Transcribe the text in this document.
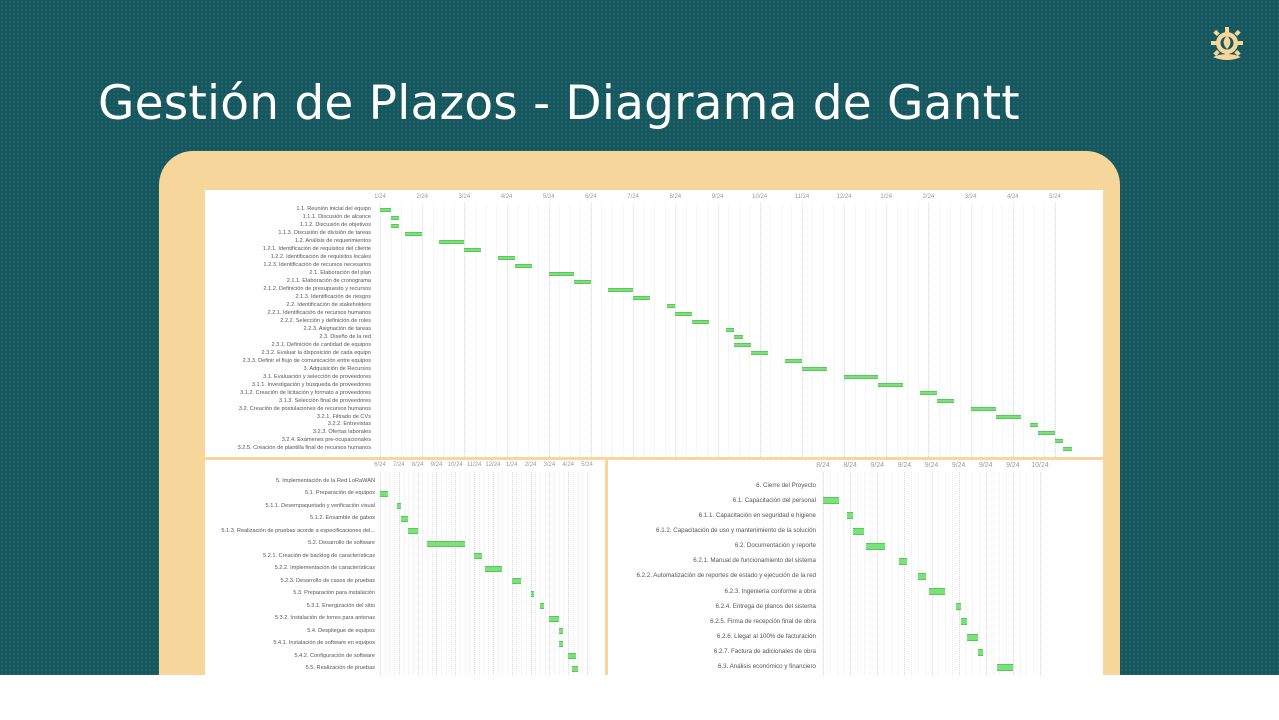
Gestión de Plazos - Diagrama de Gantt
1/24	2/24	3/24	4/24	5/24	6/24	7/24	8/24	9/24	10/24	11/24	12/24	1/24	2/24	3/24	4/24	5/24
1.1. Reunión inicial del equipo
1.1.1. Discusión de alcance
1.1.2. Discusión de objetivos
1.1.3. Discusión de división de tareas
1.2. Análisis de requerimientos
1.2.1. Identificación de requisitos del cliente
1.2.2. Identificación de requisitos locales
1.2.3. Identificación de recursos necesarios
2.1. Elaboración del plan
2.1.1. Elaboración de cronograma
2.1.2. Definición de presupuesto y recursos
2.1.3. Identificación de riesgos
2.2. Identificación de stakeholders
2.2.1. Identificación de recursos humanos
2.2.2. Selección y definición de roles
2.2.3. Asignación de tareas
2.3. Diseño de la red
2.3.1. Definición de cantidad de equipos
2.3.2. Evaluar la disposición de cada equipo
2.3.3. Definir el flujo de comunicación entre equipos
3. Adquisición de Recursos
3.1. Evaluación y selección de proveedores
3.1.1. Investigación y búsqueda de proveedores
3.1.2. Creación de licitación y formato a proveedores
3.1.3. Selección final de proveedores
3.2. Creación de postulaciones de recursos humanos
3.2.1. Filtrado de CVs
3.2.2. Entrevistas
3.2.3. Ofertas laborales
3.2.4. Exámenes pre-ocupacionales
3.2.5. Creación de plantilla final de recursos humanos
6/24 7/24 8/24 9/24 10/24 11/24 12/24 1/24 2/24 3/24 4/24 5/24
5. Implementación de la Red LoRaWAN
5.1. Preparación de equipos
5.1.1. Desempaquetado y verificación visual
5.1.2. Ensamble de gabos
5.1.3. Realización de pruebas acorde a especificaciones del...
5.2. Desarrollo de software
5.2.1. Creación de backlog de características
5.2.2. Implementación de características
5.2.3. Desarrollo de casos de pruebas
5.3. Preparación para instalación
5.3.1. Energización del sitio
5.3.2. Instalación de torres para antenas
5.4. Despliegue de equipos
5.4.1. Instalación de software en equipos
5.4.2. Configuración de software
5.5. Realización de pruebas
8/24 8/24 9/24 9/24 9/24 9/24 9/24 9/24 10/24
6. Cierre del Proyecto
6.1. Capacitación del personal
6.1.1. Capacitación en seguridad e higiene
6.1.2. Capacitación de uso y mantenimiento de la solución
6.2. Documentación y reporte
6.2.1. Manual de funcionamiento del sistema
6.2.2. Automatización de reportes de estado y ejecución de la red
6.2.3. Ingeniería conforme a obra
6.2.4. Entrega de planos del sistema
6.2.5. Firma de recepción final de obra
6.2.6. Llegar al 100% de facturación
6.2.7. Factura de adicionales de obra
6.3. Análisis económico y financiero
